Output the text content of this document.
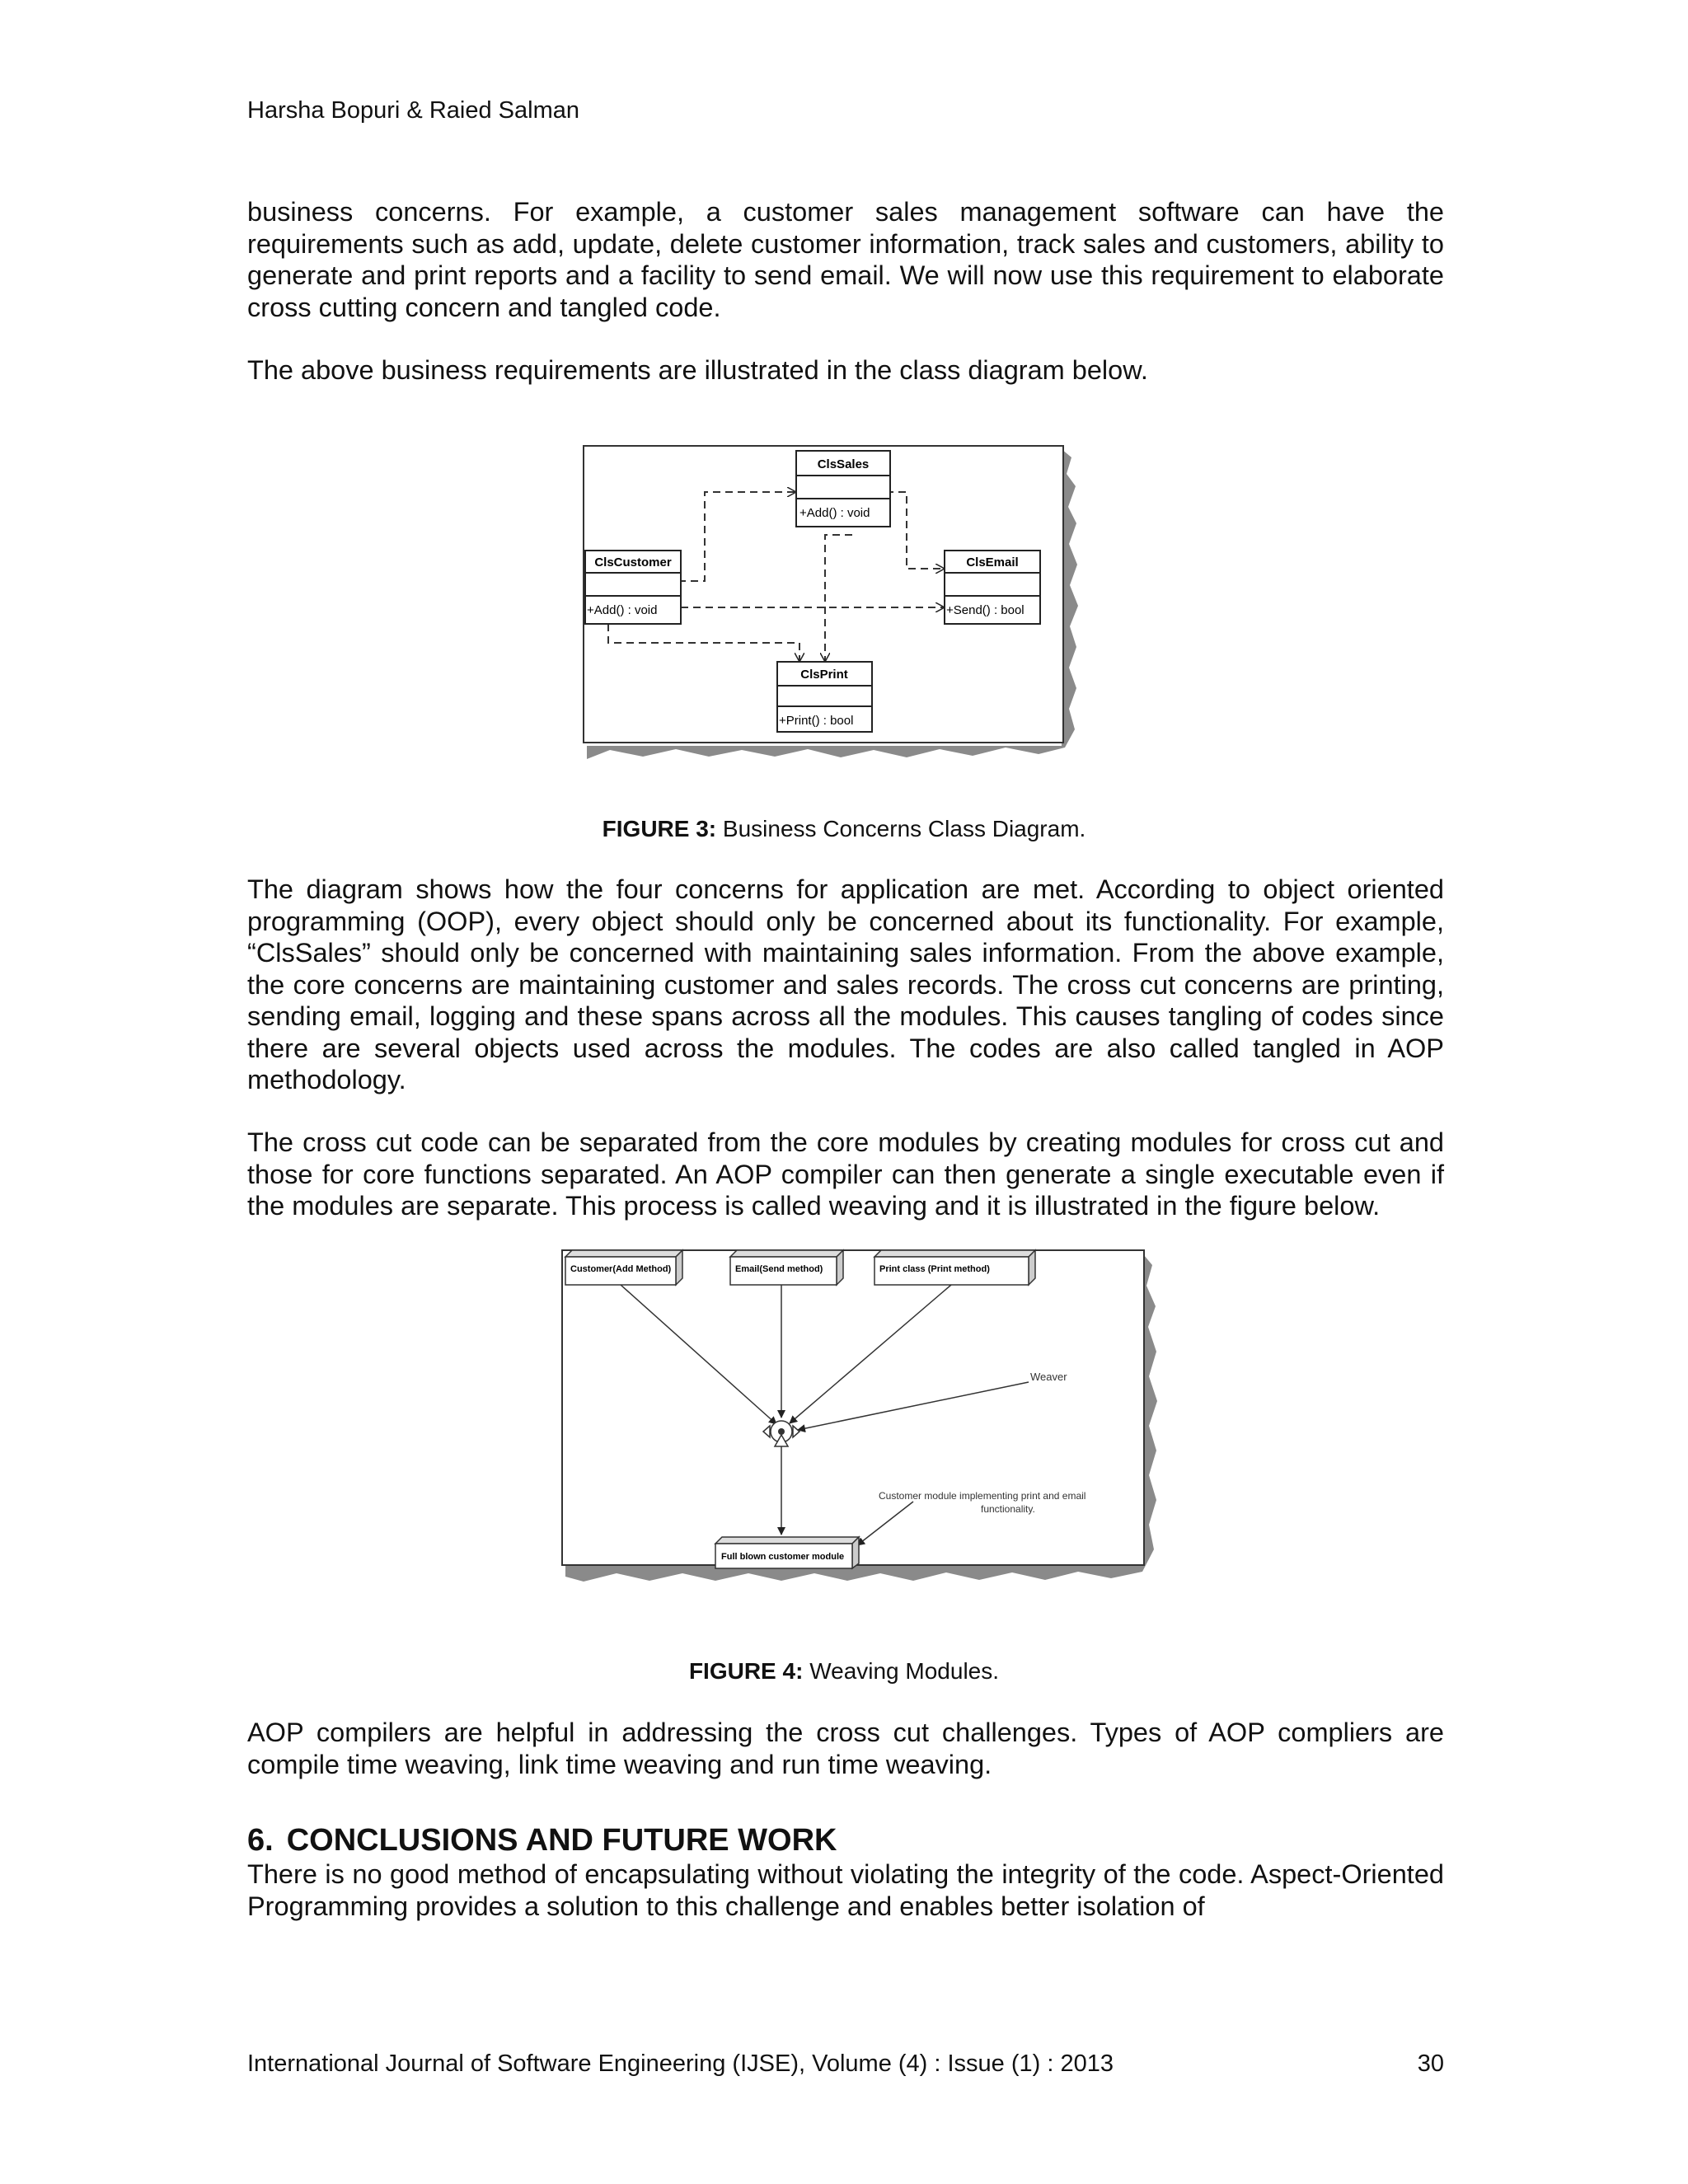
Harsha Bopuri & Raied Salman

business concerns. For example, a customer sales management software can have the requirements such as add, update, delete customer information, track sales and customers, ability to generate and print reports and a facility to send email. We will now use this requirement to elaborate cross cutting concern and tangled code.

The above business requirements are illustrated in the class diagram below.

ClsSales
+Add() : void
ClsCustomer
+Add() : void
ClsEmail
+Send() : bool
ClsPrint
+Print() : bool
FIGURE 3: Business Concerns Class Diagram.

The diagram shows how the four concerns for application are met. According to object oriented programming (OOP), every object should only be concerned about its functionality. For example, “ClsSales” should only be concerned with maintaining sales information. From the above example, the core concerns are maintaining customer and sales records. The cross cut concerns are printing, sending email, logging and these spans across all the modules. This causes tangling of codes since there are several objects used across the modules. The codes are also called tangled in AOP methodology.

The cross cut code can be separated from the core modules by creating modules for cross cut and those for core functions separated. An AOP compiler can then generate a single executable even if the modules are separate. This process is called weaving and it is illustrated in the figure below.

Customer(Add Method)	Email(Send method)	Print class (Print method)
Weaver
Customer module implementing print and email
functionality.
Full blown customer module
FIGURE 4: Weaving Modules.

AOP compilers are helpful in addressing the cross cut challenges. Types of AOP compliers are compile time weaving, link time weaving and run time weaving.

6. CONCLUSIONS AND FUTURE WORK

There is no good method of encapsulating without violating the integrity of the code. Aspect-Oriented Programming provides a solution to this challenge and enables better isolation of

International Journal of Software Engineering (IJSE), Volume (4) : Issue (1) : 2013	30
